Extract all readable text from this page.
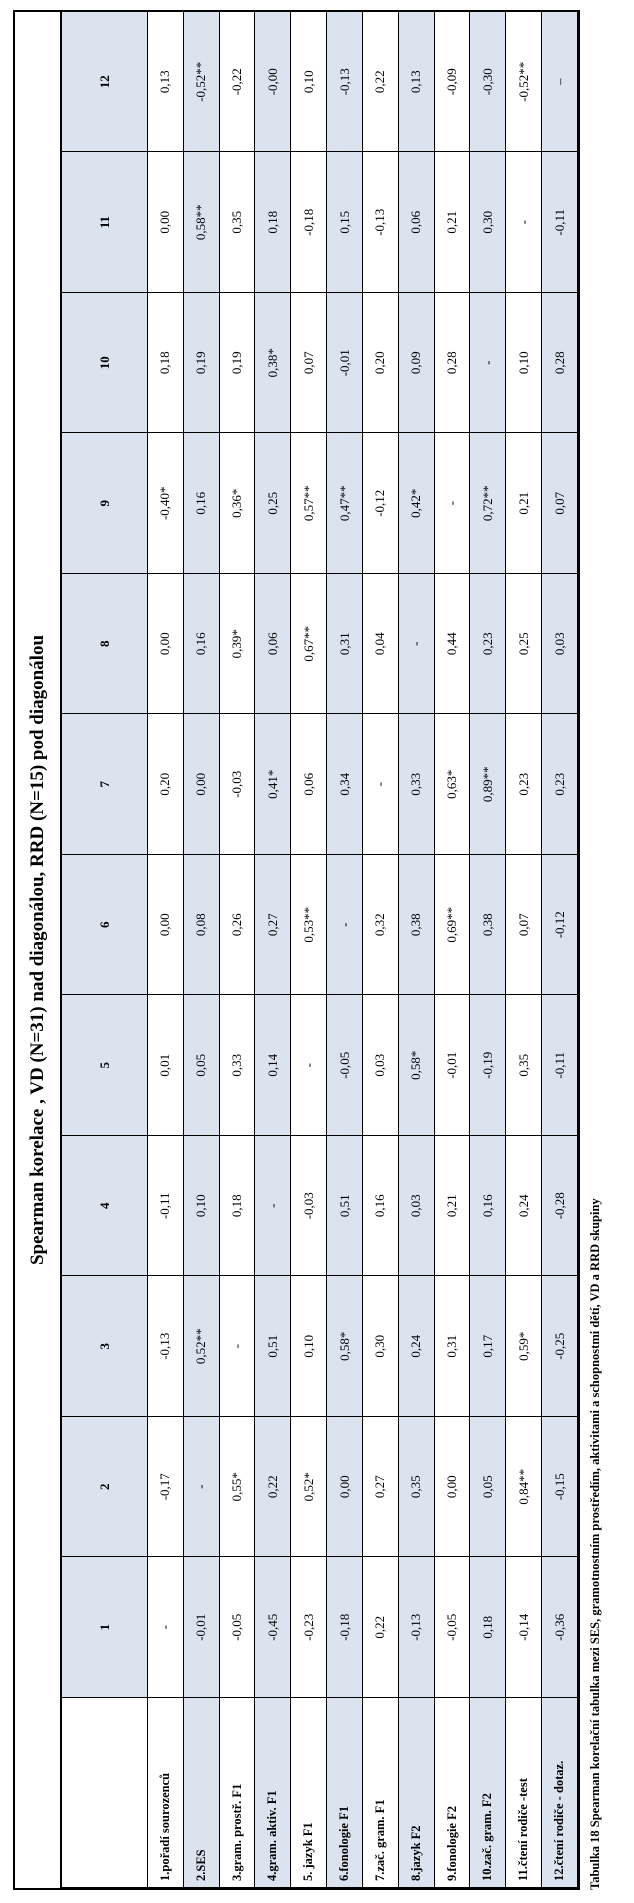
Spearman korelace , VD (N=31) nad diagonálou, RRD (N=15) pod diagonálou
	1	2	3	4	5	6	7	8	9	10	11	12
1.pořadí sourozenců	-	-0,17	-0,13	-0,11	0,01	0,00	0,20	0,00	-0,40*	0,18	0,00	0,13
2.SES	-0,01	-	0,52**	0,10	0,05	0,08	0,00	0,16	0,16	0,19	0,58**	-0,52**
3.gram. prostř. F1	-0,05	0,55*	-	0,18	0,33	0,26	-0,03	0,39*	0,36*	0,19	0,35	-0,22
4.gram. aktiv. F1	-0,45	0,22	0,51	-	0,14	0,27	0,41*	0,06	0,25	0,38*	0,18	-0,00
5. jazyk F1	-0,23	0,52*	0,10	-0,03	-	0,53**	0,06	0,67**	0,57**	0,07	-0,18	0,10
6.fonologie F1	-0,18	0,00	0,58*	0,51	-0,05	-	0,34	0,31	0,47**	-0,01	0,15	-0,13
7.zač. gram. F1	0,22	0,27	0,30	0,16	0,03	0,32	-	0,04	-0,12	0,20	-0,13	0,22
8.jazyk F2	-0,13	0,35	0,24	0,03	0,58*	0,38	0,33	-	0,42*	0,09	0,06	0,13
9.fonologie F2	-0,05	0,00	0,31	0,21	-0,01	0,69**	0,63*	0,44	-	0,28	0,21	-0,09
10.zač. gram. F2	0,18	0,05	0,17	0,16	-0,19	0,38	0,89**	0,23	0,72**	-	0,30	-0,30
11.čtení rodiče -test	-0,14	0,84**	0,59*	0,24	0,35	0,07	0,23	0,25	0,21	0,10	-	-0,52**
12.čtení rodiče - dotaz.	-0,36	-0,15	-0,25	-0,28	-0,11	-0,12	0,23	0,03	0,07	0,28	-0,11	–
Tabulka 18 Spearman korelační tabulka mezi SES, gramotnostním prostředím, aktivitami a schopnostmi dětí, VD a RRD skupiny
